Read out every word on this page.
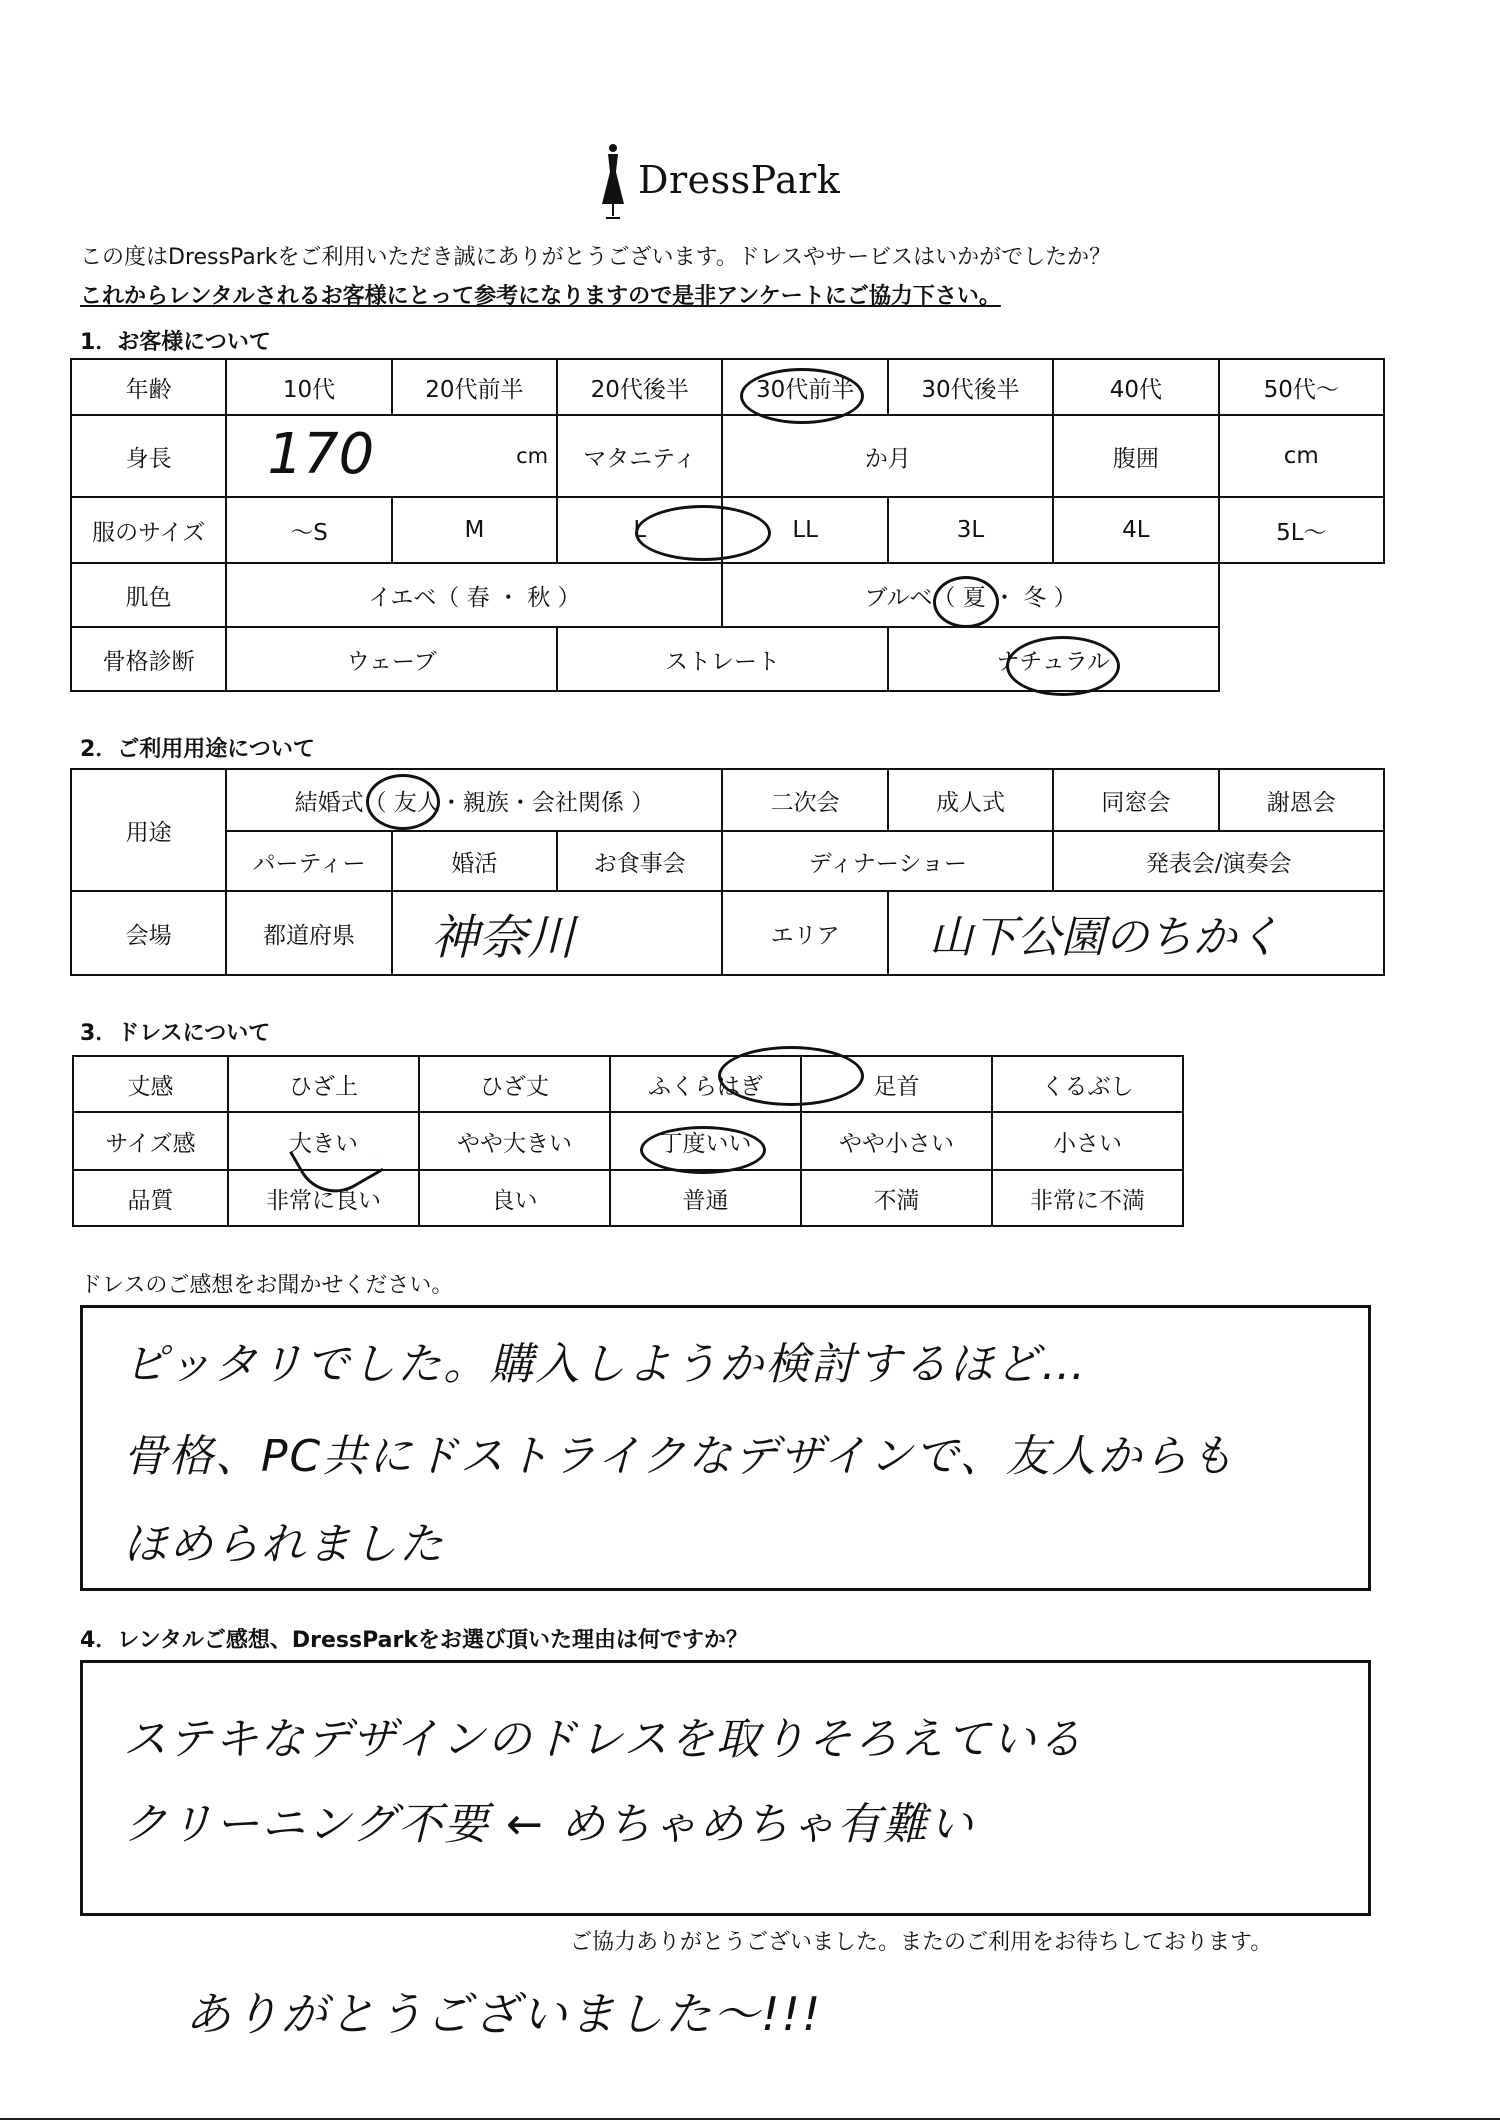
DressPark
この度はDressParkをご利用いただき誠にありがとうございます。ドレスやサービスはいかがでしたか？
これからレンタルされるお客様にとって参考になりますので是非アンケートにご協力下さい。
1．お客様について
年齢	10代	20代前半	20代後半	30代前半	30代後半	40代	50代〜
身長	170 cm		マタニティ	か月		腹囲	cm
服のサイズ	〜S	M	L	LL	3L	4L	5L〜
肌色	イエベ（ 春 ・ 秋 ）			ブルベ（ 夏 ・ 冬 ）			
骨格診断	ウェーブ		ストレート		ナチュラル		
2．ご利用用途について
用途	結婚式（ 友人・親族・会社関係 ）			二次会	成人式	同窓会	謝恩会
	パーティー	婚活	お食事会	ディナーショー		発表会/演奏会	
会場	都道府県	神奈川		エリア	山下公園のちかく		
3．ドレスについて
丈感	ひざ上	ひざ丈	ふくらはぎ	足首	くるぶし
サイズ感	大きい	やや大きい	丁度いい	やや小さい	小さい
品質	非常に良い	良い	普通	不満	非常に不満
ドレスのご感想をお聞かせください。
ピッタリでした。購入しようか検討するほど…
骨格、PC共にドストライクなデザインで、友人からも
ほめられました
4．レンタルご感想、DressParkをお選び頂いた理由は何ですか？
ステキなデザインのドレスを取りそろえている
クリーニング不要 ← めちゃめちゃ有難い
ご協力ありがとうございました。またのご利用をお待ちしております。
ありがとうございました〜!!!
